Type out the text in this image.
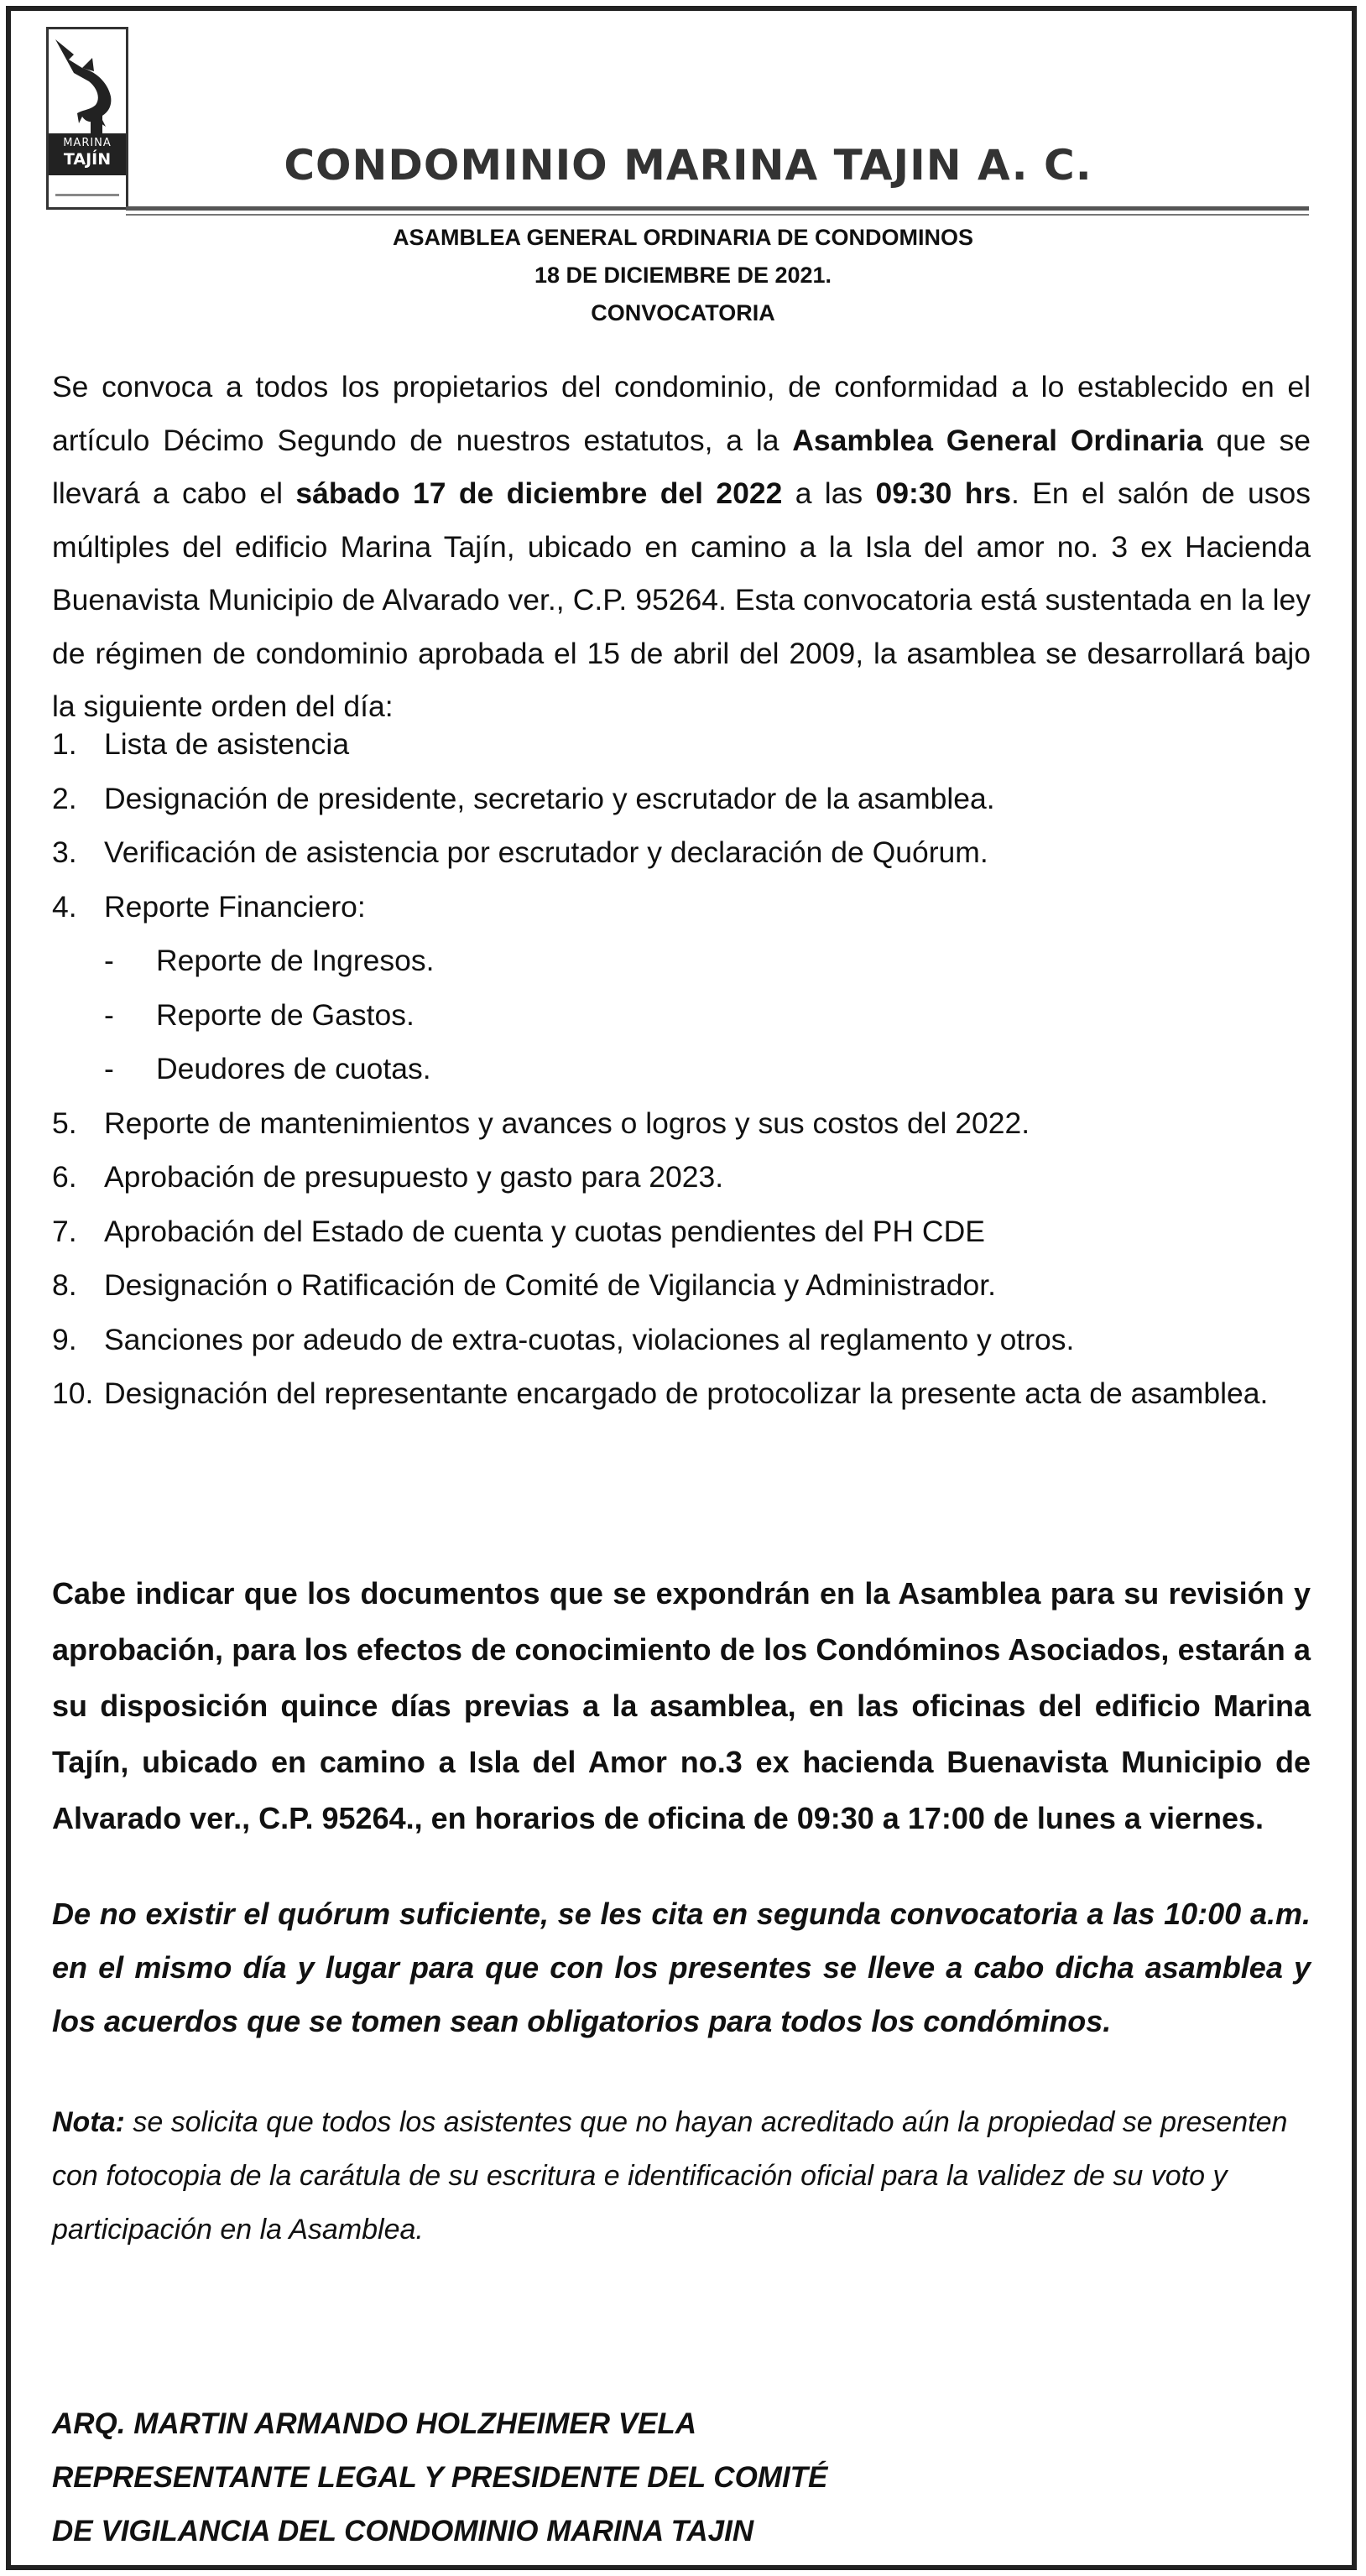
MARINA
TAJÍN	CONDOMINIO MARINA TAJIN A. C.
ASAMBLEA GENERAL ORDINARIA DE CONDOMINOS
18 DE DICIEMBRE DE 2021.
CONVOCATORIA

Se convoca a todos los propietarios del condominio, de conformidad a lo establecido en el artículo Décimo Segundo de nuestros estatutos, a la Asamblea General Ordinaria que se llevará a cabo el sábado 17 de diciembre del 2022 a las 09:30 hrs. En el salón de usos múltiples del edificio Marina Tajín, ubicado en camino a la Isla del amor no. 3 ex Hacienda Buenavista Municipio de Alvarado ver., C.P. 95264. Esta convocatoria está sustentada en la ley de régimen de condominio aprobada el 15 de abril del 2009, la asamblea se desarrollará bajo la siguiente orden del día:

1. Lista de asistencia
2. Designación de presidente, secretario y escrutador de la asamblea.
3. Verificación de asistencia por escrutador y declaración de Quórum.
4. Reporte Financiero:
- Reporte de Ingresos.
- Reporte de Gastos.
- Deudores de cuotas.
5. Reporte de mantenimientos y avances o logros y sus costos del 2022.
6. Aprobación de presupuesto y gasto para 2023.
7. Aprobación del Estado de cuenta y cuotas pendientes del PH CDE
8. Designación o Ratificación de Comité de Vigilancia y Administrador.
9. Sanciones por adeudo de extra-cuotas, violaciones al reglamento y otros.
10. Designación del representante encargado de protocolizar la presente acta de asamblea.

Cabe indicar que los documentos que se expondrán en la Asamblea para su revisión y aprobación, para los efectos de conocimiento de los Condóminos Asociados, estarán a su disposición quince días previas a la asamblea, en las oficinas del edificio Marina Tajín, ubicado en camino a Isla del Amor no.3 ex hacienda Buenavista Municipio de Alvarado ver., C.P. 95264., en horarios de oficina de 09:30 a 17:00 de lunes a viernes.

De no existir el quórum suficiente, se les cita en segunda convocatoria a las 10:00 a.m. en el mismo día y lugar para que con los presentes se lleve a cabo dicha asamblea y los acuerdos que se tomen sean obligatorios para todos los condóminos.

Nota: se solicita que todos los asistentes que no hayan acreditado aún la propiedad se presenten con fotocopia de la carátula de su escritura e identificación oficial para la validez de su voto y participación en la Asamblea.

ARQ. MARTIN ARMANDO HOLZHEIMER VELA
REPRESENTANTE LEGAL Y PRESIDENTE DEL COMITÉ
DE VIGILANCIA DEL CONDOMINIO MARINA TAJIN
